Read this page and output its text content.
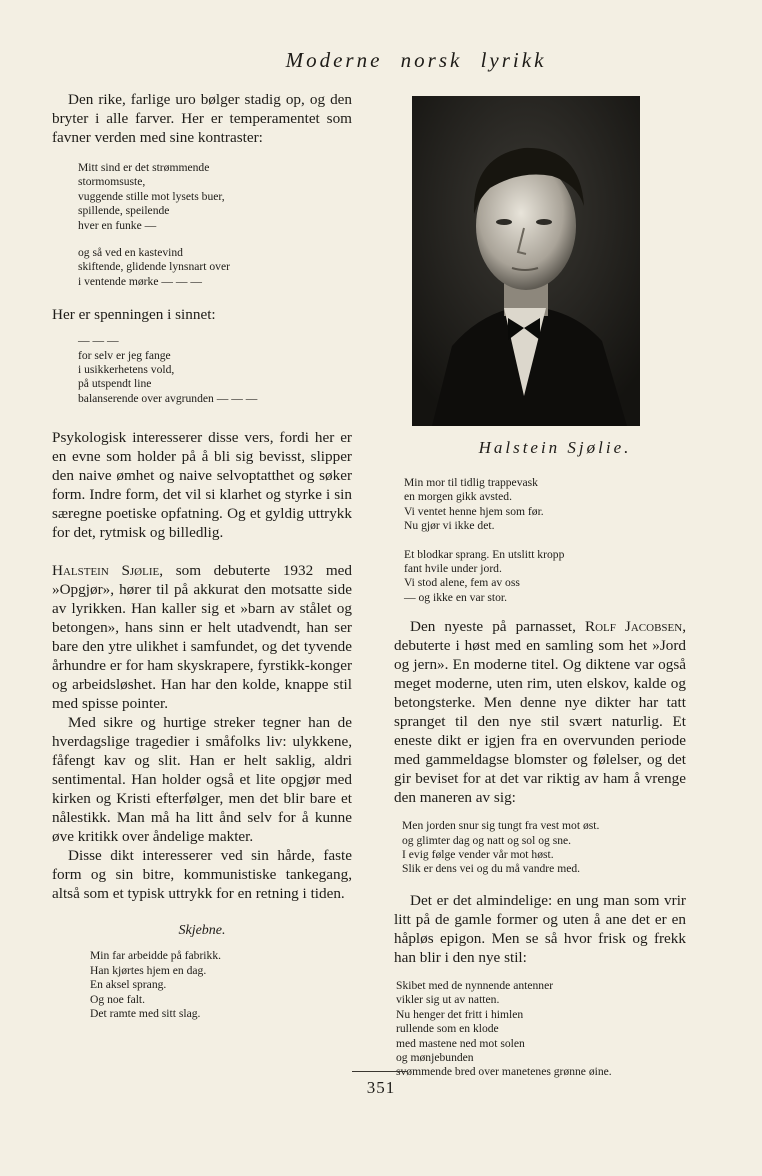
Moderne norsk lyrikk

Den rike, farlige uro bølger stadig op, og den bryter i alle farver. Her er temperamentet som favner verden med sine kontraster:

Mitt sind er det strømmende
stormomsuste,
vuggende stille mot lysets buer,
spillende, speilende
hver en funke —
og så ved en kastevind
skiftende, glidende lynsnart over
i ventende mørke — — —

Her er spenningen i sinnet:

— — —
for selv er jeg fange
i usikkerhetens vold,
på utspendt line
balanserende over avgrunden — — —

Psykologisk interesserer disse vers, fordi her er en evne som holder på å bli sig bevisst, slipper den naive ømhet og naive selvoptatthet og søker form. Indre form, det vil si klarhet og styrke i sin særegne poetiske opfatning. Og et gyldig uttrykk for det, rytmisk og billedlig.

Halstein Sjølie, som debuterte 1932 med »Opgjør», hører til på akkurat den motsatte side av lyrikken. Han kaller sig et »barn av stålet og betongen», hans sinn er helt utadvendt, han ser bare den ytre ulikhet i samfundet, og det tyvende århundre er for ham skyskrapere, fyrstikk-konger og arbeidsløshet. Han har den kolde, knappe stil med spisse pointer.

Med sikre og hurtige streker tegner han de hverdagslige tragedier i småfolks liv: ulykkene, fåfengt kav og slit. Han er helt saklig, aldri sentimental. Han holder også et lite opgjør med kirken og Kristi efterfølger, men det blir bare et nålestikk. Man må ha litt ånd selv for å kunne øve kritikk over åndelige makter.

Disse dikt interesserer ved sin hårde, faste form og sin bitre, kommunistiske tankegang, altså som et typisk uttrykk for en retning i tiden.

Skjebne.

Min far arbeidde på fabrikk.
Han kjørtes hjem en dag.
En aksel sprang.
Og noe falt.
Det ramte med sitt slag.

Halstein Sjølie.

Min mor til tidlig trappevask
en morgen gikk avsted.
Vi ventet henne hjem som før.
Nu gjør vi ikke det.
Et blodkar sprang. En utslitt kropp
fant hvile under jord.
Vi stod alene, fem av oss
— og ikke en var stor.

Den nyeste på parnasset, Rolf Jacobsen, debuterte i høst med en samling som het »Jord og jern». En moderne titel. Og diktene var også meget moderne, uten rim, uten elskov, kalde og betongsterke. Men denne nye dikter har tatt spranget til den nye stil svært naturlig. Et eneste dikt er igjen fra en overvunden periode med gammeldagse blomster og følelser, og det gir beviset for at det var riktig av ham å vrenge den maneren av sig:

Men jorden snur sig tungt fra vest mot øst.
og glimter dag og natt og sol og sne.
I evig følge vender vår mot høst.
Slik er dens vei og du må vandre med.

Det er det almindelige: en ung man som vrir litt på de gamle former og uten å ane det er en håpløs epigon. Men se så hvor frisk og frekk han blir i den nye stil:

Skibet med de nynnende antenner
vikler sig ut av natten.
Nu henger det fritt i himlen
rullende som en klode
med mastene ned mot solen
og mønjebunden
svømmende bred over manetenes grønne øine.
351
